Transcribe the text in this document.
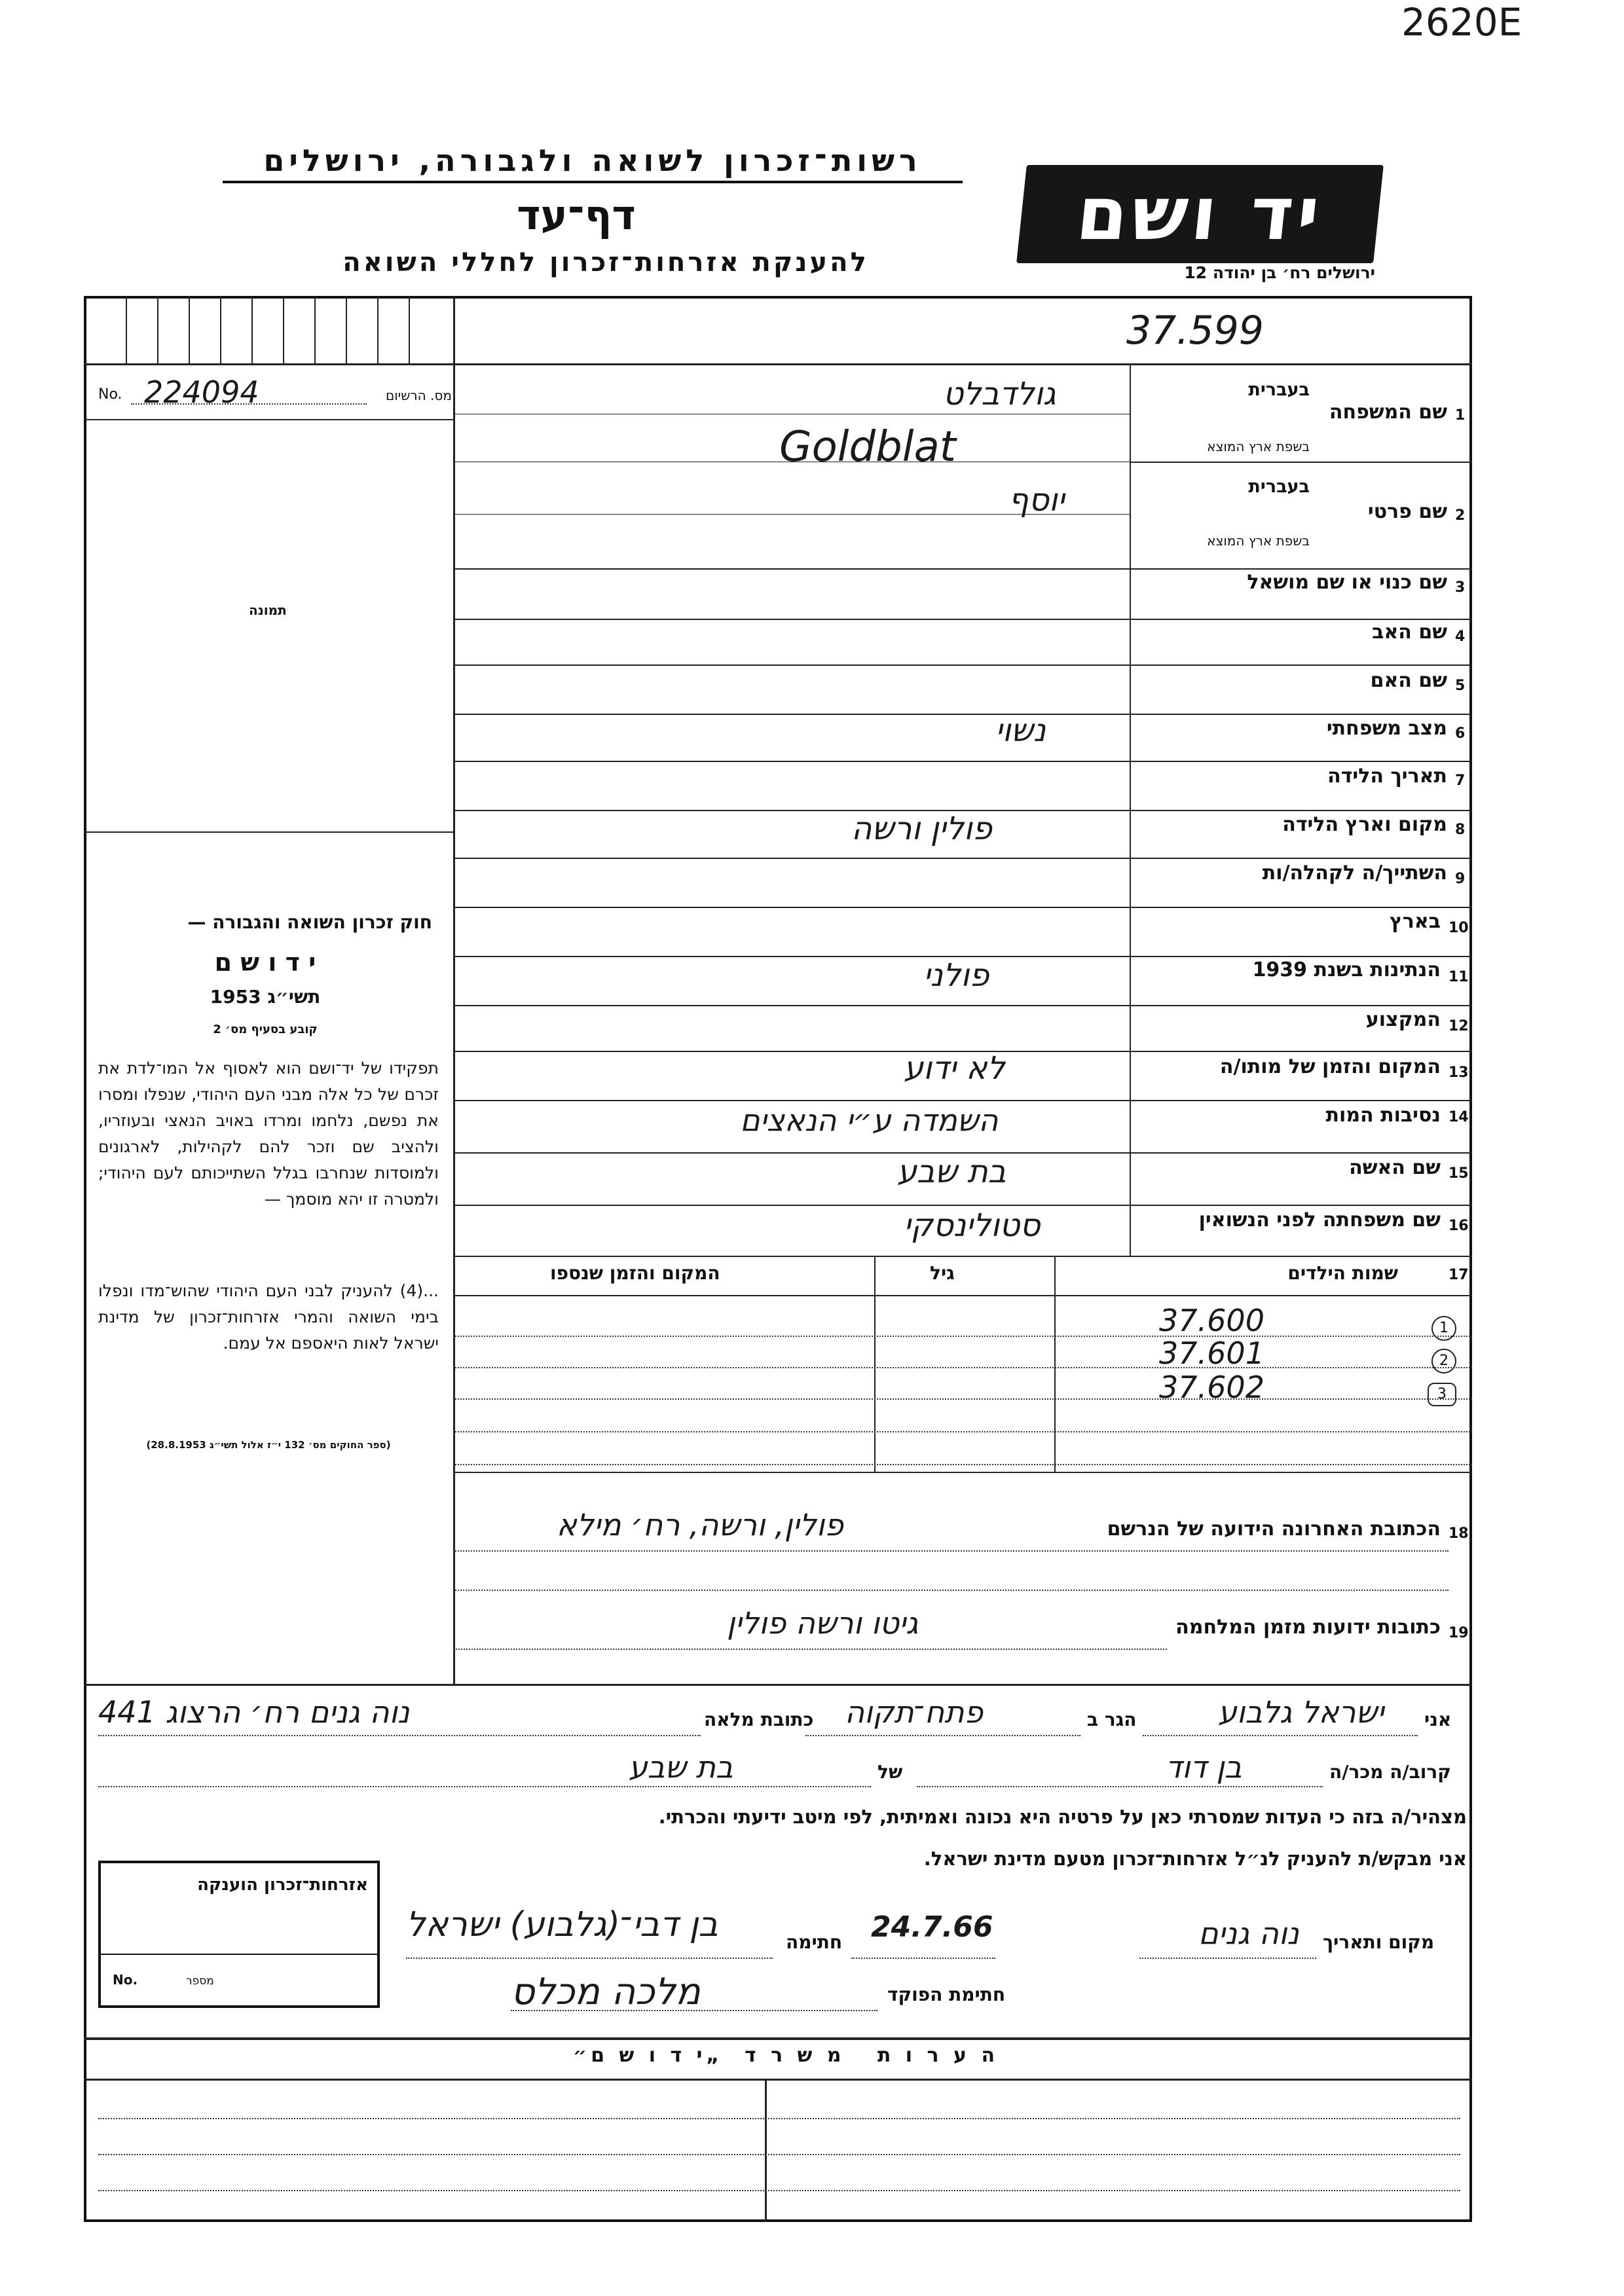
2620E
רשות־זכרון לשואה ולגבורה, ירושלים
דף־עד
להענקת אזרחות־זכרון לחללי השואה
יד ושם
ירושלים רח׳ בן יהודה 12
37.599
No. 224094	מס. הרשיום
תמונה
חוק זכרון השואה והגבורה —
י ד ו ש ם
תשי״ג 1953
קובע בסעיף מס׳ 2
תפקידו של יד־ושם הוא לאסוף אל המו־לדת את זכרם של כל אלה מבני העם היהודי, שנפלו ומסרו את נפשם, נלחמו ומרדו באויב הנאצי ובעוזריו, ולהציב שם וזכר להם לקהילות, לארגונים ולמוסדות שנחרבו בגלל השתייכותם לעם היהודי; ולמטרה זו יהא מוסמך —
...(4) להעניק לבני העם היהודי שהוש־מדו ונפלו בימי השואה והמרי אזרחות־זכרון של מדינת ישראל לאות היאספם אל עמם.
(ספר החוקים מס׳ 132 י״ז אלול תשי״ג 28.8.1953)
1
שם המשפחה
בעברית
בשפת ארץ המוצא
גולדבלט
Goldblat
2
שם פרטי
בעברית
בשפת ארץ המוצא
יוסף
3
שם כנוי או שם מושאל
4
שם האב
5
שם האם
6
מצב משפחתי
נשוי
7
תאריך הלידה
8
מקום וארץ הלידה
פולין ורשה
9
השתייך/ה לקהלה/ות
10
בארץ
11
הנתינות בשנת 1939
פולני
12
המקצוע
13
המקום והזמן של מותו/ה
לא ידוע
14
נסיבות המות
השמדה ע״י הנאצים
15
שם האשה
בת שבע
16
שם משפחתה לפני הנשואין
סטולינסקי
17
שמות הילדים
גיל
המקום והזמן שנספו
37.600	1
37.601	2
37.602	3
18
הכתובת האחרונה הידועה של הנרשם
פולין, ורשה, רח׳ מילא
19
כתובות ידועות מזמן המלחמה
גיטו ורשה פולין
אני
ישראל גלבוע
הגר ב
פתח־תקוה
כתובת מלאה
נוה גנים רח׳ הרצוג 441
קרוב/ה מכר/ה
בן דוד
של
בת שבע
מצהיר/ה בזה כי העדות שמסרתי כאן על פרטיה היא נכונה ואמיתית, לפי מיטב ידיעתי והכרתי.
אני מבקש/ת להעניק לנ״ל אזרחות־זכרון מטעם מדינת ישראל.
מקום ותאריך
נוה גנים
24.7.66
חתימה
בן דבי־(גלבוע) ישראל
חתימת הפוקד
מלכה מכלס
אזרחות־זכרון הוענקה
No.	מספר
ה ע ר ו ת   מ ש ר ד  „י ד ו ש ם״
